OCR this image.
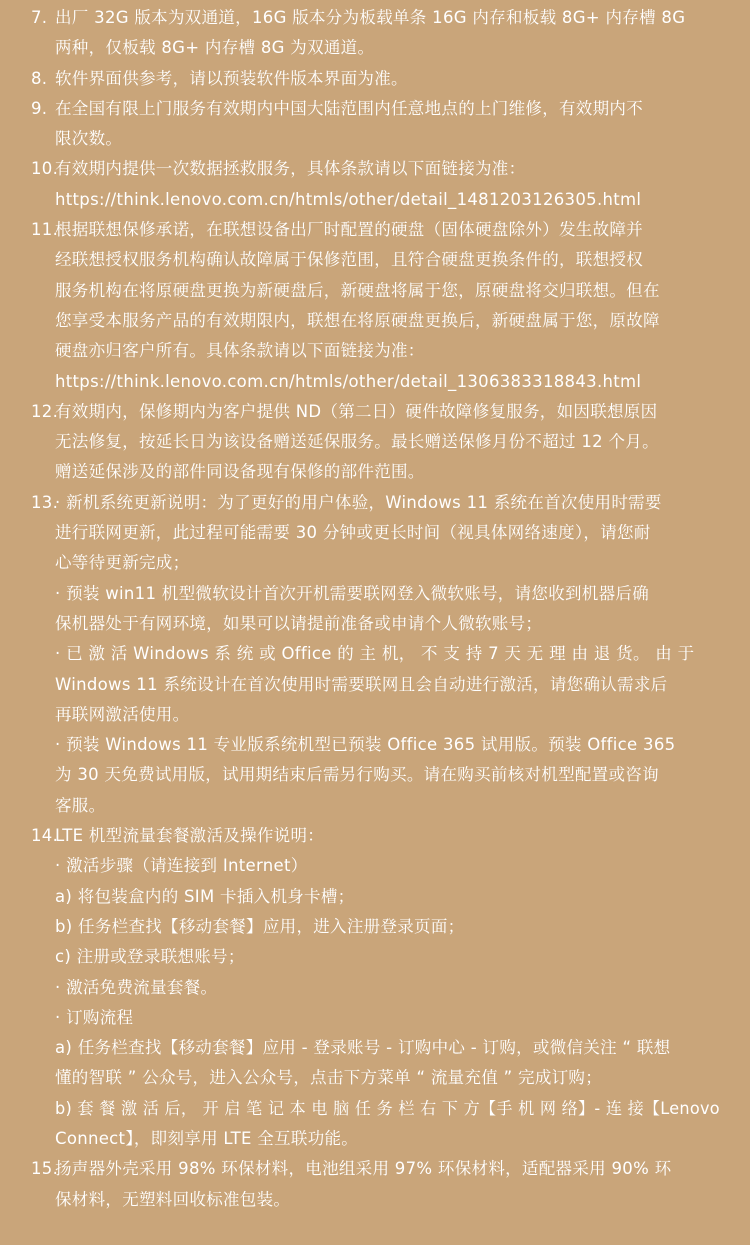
7. 出厂 32G 版本为双通道，16G 版本分为板载单条 16G 内存和板载 8G+ 内存槽 8G
两种，仅板载 8G+ 内存槽 8G 为双通道。
8. 软件界面供参考，请以预装软件版本界面为准。
9. 在全国有限上门服务有效期内中国大陆范围内任意地点的上门维修，有效期内不
限次数。
10.
有效期内提供一次数据拯救服务，具体条款请以下面链接为准：
https://think.lenovo.com.cn/htmls/other/detail_1481203126305.html
11.
根据联想保修承诺，在联想设备出厂时配置的硬盘（固体硬盘除外）发生故障并
经联想授权服务机构确认故障属于保修范围，且符合硬盘更换条件的，联想授权
服务机构在将原硬盘更换为新硬盘后，新硬盘将属于您，原硬盘将交归联想。但在
您享受本服务产品的有效期限内，联想在将原硬盘更换后，新硬盘属于您，原故障
硬盘亦归客户所有。具体条款请以下面链接为准：
https://think.lenovo.com.cn/htmls/other/detail_1306383318843.html
12.
有效期内，保修期内为客户提供 ND（第二日）硬件故障修复服务，如因联想原因
无法修复，按延长日为该设备赠送延保服务。最长赠送保修月份不超过 12 个月。
赠送延保涉及的部件同设备现有保修的部件范围。
13.
· 新机系统更新说明：为了更好的用户体验，Windows 11 系统在首次使用时需要
进行联网更新，此过程可能需要 30 分钟或更长时间（视具体网络速度），请您耐
心等待更新完成；
· 预装 win11 机型微软设计首次开机需要联网登入微软账号，请您收到机器后确
保机器处于有网环境，如果可以请提前准备或申请个人微软账号；
· 已 激 活 Windows 系 统 或 Office 的 主 机， 不 支 持 7 天 无 理 由 退 货。 由 于
Windows 11 系统设计在首次使用时需要联网且会自动进行激活，请您确认需求后
再联网激活使用。
· 预装 Windows 11 专业版系统机型已预装 Office 365 试用版。预装 Office 365
为 30 天免费试用版，试用期结束后需另行购买。请在购买前核对机型配置或咨询
客服。
14.
LTE 机型流量套餐激活及操作说明：
· 激活步骤（请连接到 Internet）
a) 将包装盒内的 SIM 卡插入机身卡槽；
b) 任务栏查找【移动套餐】应用，进入注册登录页面；
c) 注册或登录联想账号；
· 激活免费流量套餐。
· 订购流程
a) 任务栏查找【移动套餐】应用 - 登录账号 - 订购中心 - 订购，或微信关注 “ 联想
懂的智联 ” 公众号，进入公众号，点击下方菜单 “ 流量充值 ” 完成订购；
b) 套 餐 激 活 后， 开 启 笔 记 本 电 脑 任 务 栏 右 下 方【手 机 网 络】- 连 接【Lenovo
Connect】，即刻享用 LTE 全互联功能。
15.
扬声器外壳采用 98% 环保材料，电池组采用 97% 环保材料，适配器采用 90% 环
保材料，无塑料回收标准包装。
